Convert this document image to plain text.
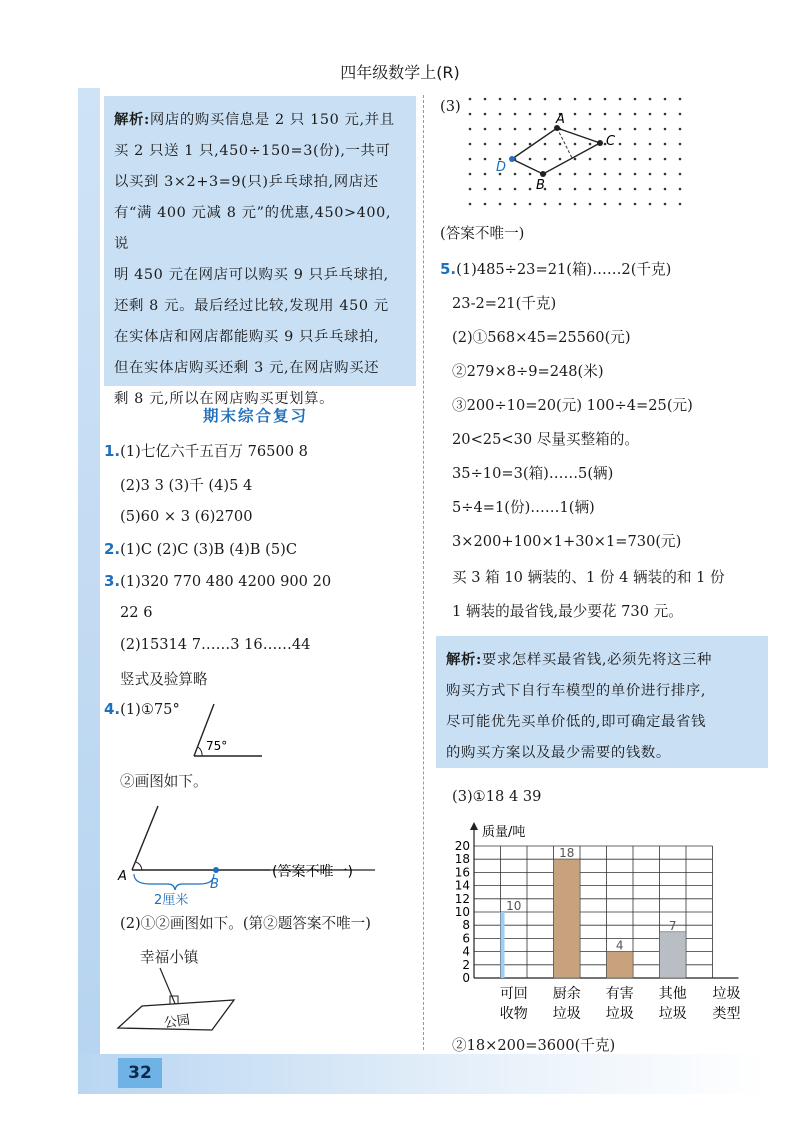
32
四年级数学上(R)
解析:网店的购买信息是 2 只 150 元,并且
买 2 只送 1 只,450÷150=3(份),一共可
以买到 3×2+3=9(只)乒乓球拍,网店还
有“满 400 元减 8 元”的优惠,450>400,说
明 450 元在网店可以购买 9 只乒乓球拍,
还剩 8 元。最后经过比较,发现用 450 元
在实体店和网店都能购买 9 只乒乓球拍,
但在实体店购买还剩 3 元,在网店购买还
剩 8 元,所以在网店购买更划算。
期末综合复习
1.(1)七亿六千五百万 76500 8
(2)3 3 (3)千 (4)5 4
(5)60 × 3 (6)2700
2.(1)C (2)C (3)B (4)B (5)C
3.(1)320 770 480 4200 900 20
22 6
(2)15314 7……3 16……44
竖式及验算略
4.(1)①75°
75°
②画图如下。
A
B
2厘米
(答案不唯一)
(2)①②画图如下。(第②题答案不唯一)
幸福小镇
公园
(3)
A
B
C
D
(答案不唯一)
5.(1)485÷23=21(箱)……2(千克)
23-2=21(千克)
(2)①568×45=25560(元)
②279×8÷9=248(米)
③200÷10=20(元) 100÷4=25(元)
20<25<30 尽量买整箱的。
35÷10=3(箱)……5(辆)
5÷4=1(份)……1(辆)
3×200+100×1+30×1=730(元)
买 3 箱 10 辆装的、1 份 4 辆装的和 1 份
1 辆装的最省钱,最少要花 730 元。
解析:要求怎样买最省钱,必须先将这三种
购买方式下自行车模型的单价进行排序,
尽可能优先买单价低的,即可确定最省钱
的购买方案以及最少需要的钱数。
(3)①18 4 39
0
2
4
6
8
10
12
14
16
18
20
质量/吨
10
可回
收物
18
厨余
垃圾
4
有害
垃圾
7
其他
垃圾
垃圾
类型
②18×200=3600(千克)
